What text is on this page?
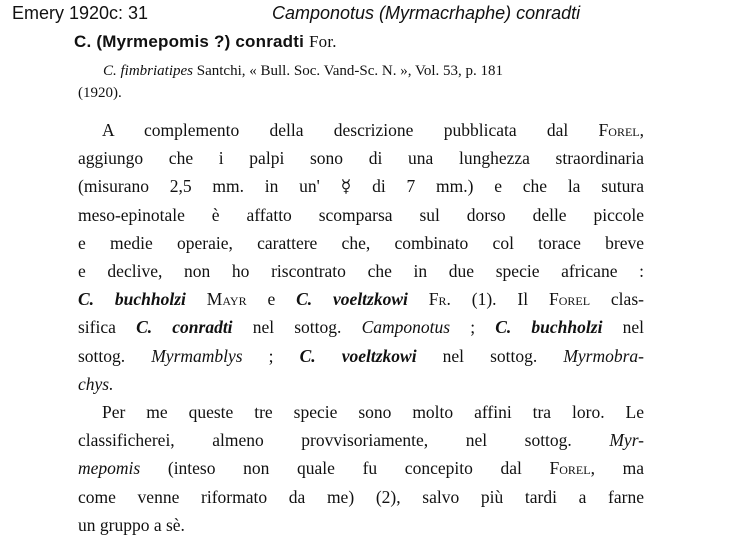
Emery 1920c: 31	Camponotus (Myrmacrhaphe) conradti
C. (Myrmepomis ?) conradti For.
C. fimbriatipes Santchi, « Bull. Soc. Vand-Sc. N. », Vol. 53, p. 181
(1920).
A complemento della descrizione pubblicata dal Forel,
aggiungo che i palpi sono di una lunghezza straordinaria
(misurano 2,5 mm. in un' ☿ di 7 mm.) e che la sutura
meso-epinotale è affatto scomparsa sul dorso delle piccole
e medie operaie, carattere che, combinato col torace breve
e declive, non ho riscontrato che in due specie africane :
C. buchholzi Mayr e C. voeltzkowi Fr. (1). Il Forel clas-
sifica C. conradti nel sottog. Camponotus ; C. buchholzi nel
sottog. Myrmamblys ; C. voeltzkowi nel sottog. Myrmobra-
chys.
Per me queste tre specie sono molto affini tra loro. Le
classificherei, almeno provvisoriamente, nel sottog. Myr-
mepomis (inteso non quale fu concepito dal Forel, ma
come venne riformato da me) (2), salvo più tardi a farne
un gruppo a sè.
